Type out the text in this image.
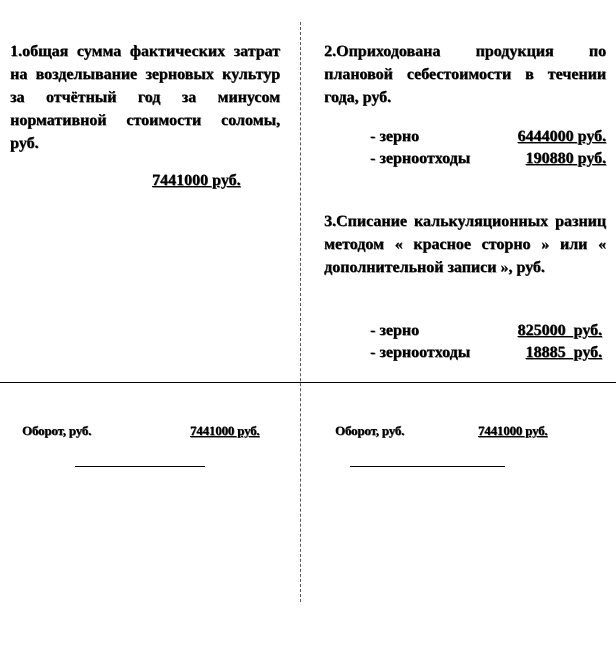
1.общая сумма фактических затрат на возделывание зерновых культур за отчётный год за минусом нормативной стоимости соломы, руб.
7441000 руб.
2.Оприходована продукция по плановой себестоимости в течении года, руб.
- зерно	6444000 руб.
- зерноотходы	190880 руб.
3.Списание калькуляционных разниц методом « красное сторно » или « дополнительной записи », руб.
- зерно	825000  руб.
- зерноотходы	18885  руб.
Оборот, руб.	7441000 руб.	Оборот, руб.	7441000 руб.
